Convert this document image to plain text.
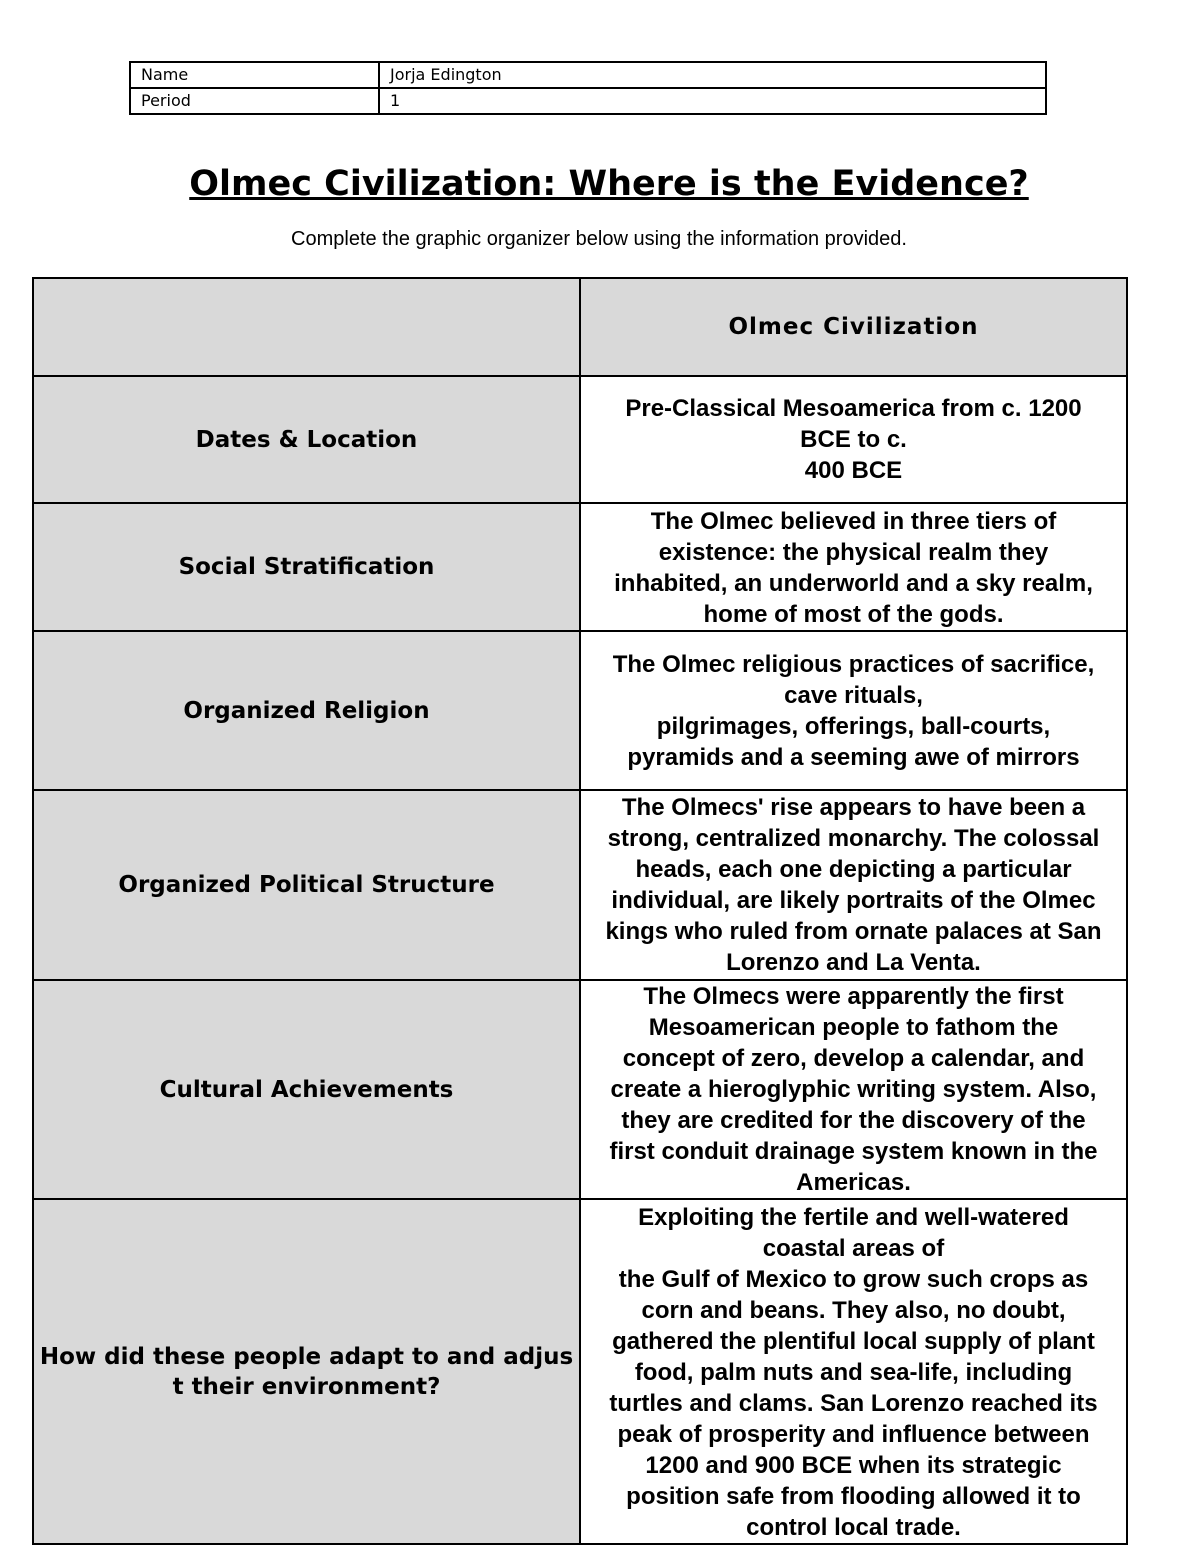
Name	Jorja Edington
Period	1
Olmec Civilization: Where is the Evidence?
Complete the graphic organizer below using the information provided.
	Olmec Civilization
Dates & Location	Pre-Classical Mesoamerica from c. 1200 BCE to c.
400 BCE

Social Stratification	The Olmec believed in three tiers of existence: the physical realm they inhabited, an underworld and a sky realm, home of most of the gods.

Organized Religion	The Olmec religious practices of sacrifice, cave rituals,
pilgrimages, offerings, ball-courts,
pyramids and a seeming awe of mirrors

Organized Political Structure	The Olmecs' rise appears to have been a strong, centralized monarchy. The colossal heads, each one depicting a particular individual, are likely portraits of the Olmec kings who ruled from ornate palaces at San Lorenzo and La Venta.

Cultural Achievements	The Olmecs were apparently the first Mesoamerican people to fathom the concept of zero, develop a calendar, and create a hieroglyphic writing system. Also, they are credited for the discovery of the first conduit drainage system known in the Americas.

How did these people adapt to and adjust their environment?	Exploiting the fertile and well-watered coastal areas of
the Gulf of Mexico to grow such crops as corn and beans. They also, no doubt, gathered the plentiful local supply of plant food, palm nuts and sea-life, including turtles and clams. San Lorenzo reached its peak of prosperity and influence between 1200 and 900 BCE when its strategic position safe from flooding allowed it to control local trade.
